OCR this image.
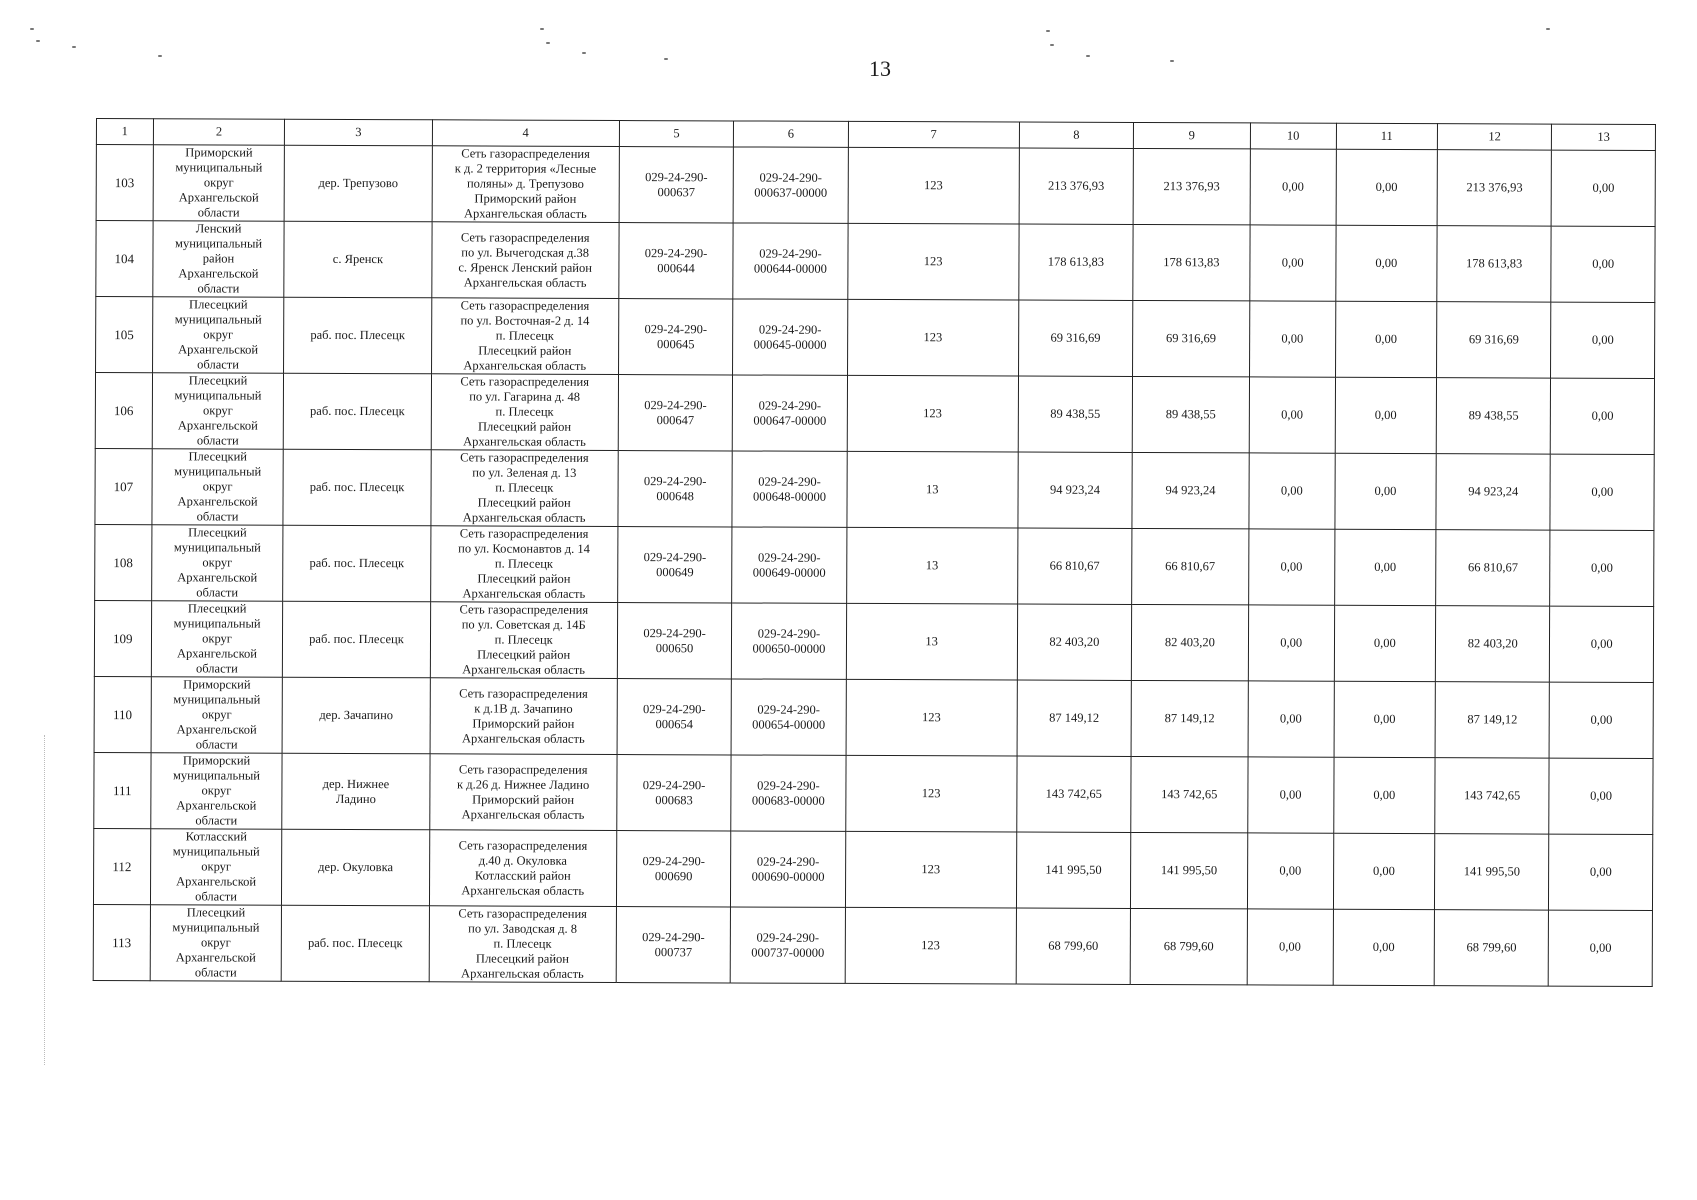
13
1	2	3	4	5	6	7	8	9	10	11	12	13
103	Приморский
муниципальный
округ
Архангельской
области	дер. Трепузово	Сеть газораспределения
к д. 2 территория «Лесные
поляны» д. Трепузово
Приморский район
Архангельская область	029-24-290-
000637	029-24-290-
000637-00000	123	213 376,93	213 376,93	0,00	0,00	213 376,93	0,00
104	Ленский
муниципальный
район
Архангельской
области	с. Яренск	Сеть газораспределения
по ул. Вычегодская д.38
с. Яренск Ленский район
Архангельская область	029-24-290-
000644	029-24-290-
000644-00000	123	178 613,83	178 613,83	0,00	0,00	178 613,83	0,00
105	Плесецкий
муниципальный
округ
Архангельской
области	раб. пос. Плесецк	Сеть газораспределения
по ул. Восточная-2 д. 14
п. Плесецк
Плесецкий район
Архангельская область	029-24-290-
000645	029-24-290-
000645-00000	123	69 316,69	69 316,69	0,00	0,00	69 316,69	0,00
106	Плесецкий
муниципальный
округ
Архангельской
области	раб. пос. Плесецк	Сеть газораспределения
по ул. Гагарина д. 48
п. Плесецк
Плесецкий район
Архангельская область	029-24-290-
000647	029-24-290-
000647-00000	123	89 438,55	89 438,55	0,00	0,00	89 438,55	0,00
107	Плесецкий
муниципальный
округ
Архангельской
области	раб. пос. Плесецк	Сеть газораспределения
по ул. Зеленая д. 13
п. Плесецк
Плесецкий район
Архангельская область	029-24-290-
000648	029-24-290-
000648-00000	13	94 923,24	94 923,24	0,00	0,00	94 923,24	0,00
108	Плесецкий
муниципальный
округ
Архангельской
области	раб. пос. Плесецк	Сеть газораспределения
по ул. Космонавтов д. 14
п. Плесецк
Плесецкий район
Архангельская область	029-24-290-
000649	029-24-290-
000649-00000	13	66 810,67	66 810,67	0,00	0,00	66 810,67	0,00
109	Плесецкий
муниципальный
округ
Архангельской
области	раб. пос. Плесецк	Сеть газораспределения
по ул. Советская д. 14Б
п. Плесецк
Плесецкий район
Архангельская область	029-24-290-
000650	029-24-290-
000650-00000	13	82 403,20	82 403,20	0,00	0,00	82 403,20	0,00
110	Приморский
муниципальный
округ
Архангельской
области	дер. Зачапино	Сеть газораспределения
к д.1В д. Зачапино
Приморский район
Архангельская область	029-24-290-
000654	029-24-290-
000654-00000	123	87 149,12	87 149,12	0,00	0,00	87 149,12	0,00
111	Приморский
муниципальный
округ
Архангельской
области	дер. Нижнее
Ладино	Сеть газораспределения
к д.26 д. Нижнее Ладино
Приморский район
Архангельская область	029-24-290-
000683	029-24-290-
000683-00000	123	143 742,65	143 742,65	0,00	0,00	143 742,65	0,00
112	Котласский
муниципальный
округ
Архангельской
области	дер. Окуловка	Сеть газораспределения
д.40 д. Окуловка
Котласский район
Архангельская область	029-24-290-
000690	029-24-290-
000690-00000	123	141 995,50	141 995,50	0,00	0,00	141 995,50	0,00
113	Плесецкий
муниципальный
округ
Архангельской
области	раб. пос. Плесецк	Сеть газораспределения
по ул. Заводская д. 8
п. Плесецк
Плесецкий район
Архангельская область	029-24-290-
000737	029-24-290-
000737-00000	123	68 799,60	68 799,60	0,00	0,00	68 799,60	0,00
